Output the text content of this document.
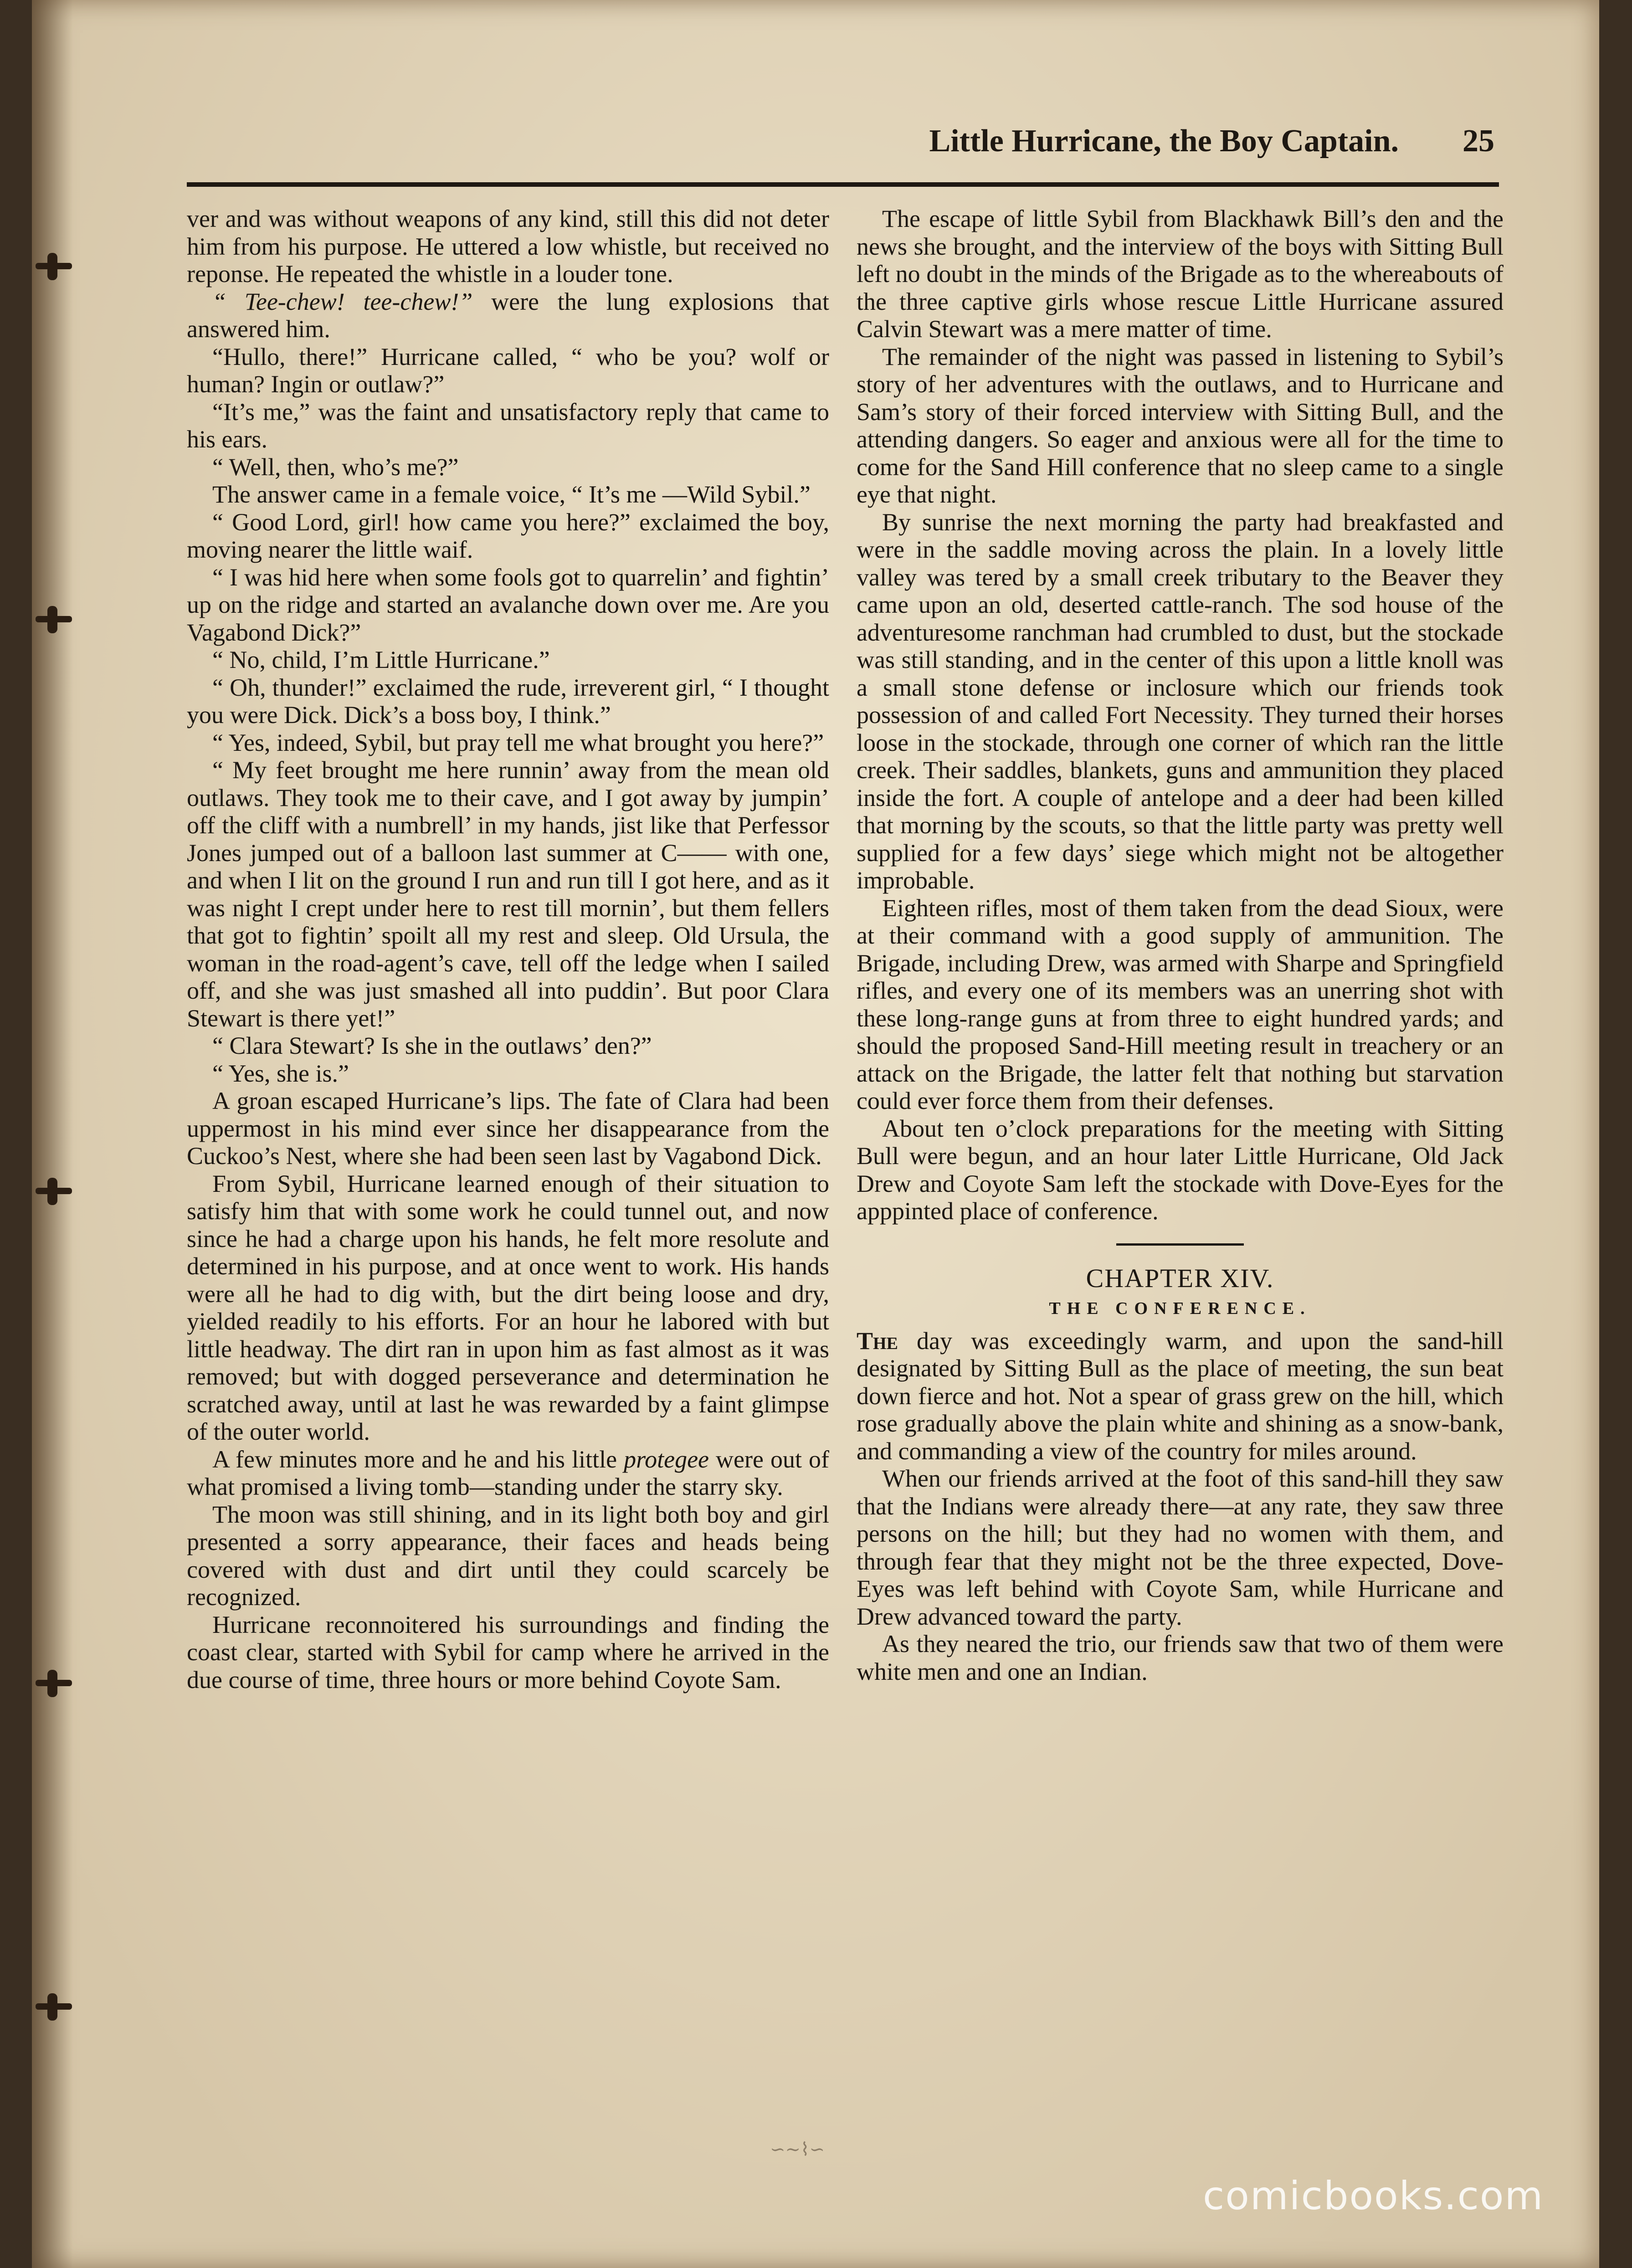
Little Hurricane, the Boy Captain. 25

ver and was without weapons of any kind, still this did not deter him from his purpose. He uttered a low whistle, but received no reponse. He repeated the whistle in a louder tone.

“ Tee-chew! tee-chew!” were the lung explosions that answered him.

“Hullo, there!” Hurricane called, “ who be you? wolf or human? Ingin or outlaw?”

“It’s me,” was the faint and unsatisfactory reply that came to his ears.

“ Well, then, who’s me?”

The answer came in a female voice, “ It’s me —Wild Sybil.”

“ Good Lord, girl! how came you here?” exclaimed the boy, moving nearer the little waif.

“ I was hid here when some fools got to quarrelin’ and fightin’ up on the ridge and started an avalanche down over me. Are you Vagabond Dick?”

“ No, child, I’m Little Hurricane.”

“ Oh, thunder!” exclaimed the rude, irreverent girl, “ I thought you were Dick. Dick’s a boss boy, I think.”

“ Yes, indeed, Sybil, but pray tell me what brought you here?”

“ My feet brought me here runnin’ away from the mean old outlaws. They took me to their cave, and I got away by jumpin’ off the cliff with a numbrell’ in my hands, jist like that Perfessor Jones jumped out of a balloon last summer at C—— with one, and when I lit on the ground I run and run till I got here, and as it was night I crept under here to rest till mornin’, but them fellers that got to fightin’ spoilt all my rest and sleep. Old Ursula, the woman in the road-agent’s cave, tell off the ledge when I sailed off, and she was just smashed all into puddin’. But poor Clara Stewart is there yet!”

“ Clara Stewart? Is she in the outlaws’ den?”

“ Yes, she is.”

A groan escaped Hurricane’s lips. The fate of Clara had been uppermost in his mind ever since her disappearance from the Cuckoo’s Nest, where she had been seen last by Vagabond Dick.

From Sybil, Hurricane learned enough of their situation to satisfy him that with some work he could tunnel out, and now since he had a charge upon his hands, he felt more resolute and determined in his purpose, and at once went to work. His hands were all he had to dig with, but the dirt being loose and dry, yielded readily to his efforts. For an hour he labored with but little headway. The dirt ran in upon him as fast almost as it was removed; but with dogged perseverance and determination he scratched away, until at last he was rewarded by a faint glimpse of the outer world.

A few minutes more and he and his little protegee were out of what promised a living tomb—standing under the starry sky.

The moon was still shining, and in its light both boy and girl presented a sorry appearance, their faces and heads being covered with dust and dirt until they could scarcely be recognized.

Hurricane reconnoitered his surroundings and finding the coast clear, started with Sybil for camp where he arrived in the due course of time, three hours or more behind Coyote Sam.

The escape of little Sybil from Blackhawk Bill’s den and the news she brought, and the interview of the boys with Sitting Bull left no doubt in the minds of the Brigade as to the whereabouts of the three captive girls whose rescue Little Hurricane assured Calvin Stewart was a mere matter of time.

The remainder of the night was passed in listening to Sybil’s story of her adventures with the outlaws, and to Hurricane and Sam’s story of their forced interview with Sitting Bull, and the attending dangers. So eager and anxious were all for the time to come for the Sand Hill conference that no sleep came to a single eye that night.

By sunrise the next morning the party had breakfasted and were in the saddle moving across the plain. In a lovely little valley was tered by a small creek tributary to the Beaver they came upon an old, deserted cattle-ranch. The sod house of the adventuresome ranchman had crumbled to dust, but the stockade was still standing, and in the center of this upon a little knoll was a small stone defense or inclosure which our friends took possession of and called Fort Necessity. They turned their horses loose in the stockade, through one corner of which ran the little creek. Their saddles, blankets, guns and ammunition they placed inside the fort. A couple of antelope and a deer had been killed that morning by the scouts, so that the little party was pretty well supplied for a few days’ siege which might not be altogether improbable.

Eighteen rifles, most of them taken from the dead Sioux, were at their command with a good supply of ammunition. The Brigade, including Drew, was armed with Sharpe and Springfield rifles, and every one of its members was an unerring shot with these long-range guns at from three to eight hundred yards; and should the proposed Sand-Hill meeting result in treachery or an attack on the Brigade, the latter felt that nothing but starvation could ever force them from their defenses.

About ten o’clock preparations for the meeting with Sitting Bull were begun, and an hour later Little Hurricane, Old Jack Drew and Coyote Sam left the stockade with Dove-Eyes for the apppinted place of conference.

CHAPTER XIV.
THE CONFERENCE.

The day was exceedingly warm, and upon the sand-hill designated by Sitting Bull as the place of meeting, the sun beat down fierce and hot. Not a spear of grass grew on the hill, which rose gradually above the plain white and shining as a snow-bank, and commanding a view of the country for miles around.

When our friends arrived at the foot of this sand-hill they saw that the Indians were already there—at any rate, they saw three persons on the hill; but they had no women with them, and through fear that they might not be the three expected, Dove-Eyes was left behind with Coyote Sam, while Hurricane and Drew advanced toward the party.

As they neared the trio, our friends saw that two of them were white men and one an Indian.

∽∼⌇∽
comicbooks.com
